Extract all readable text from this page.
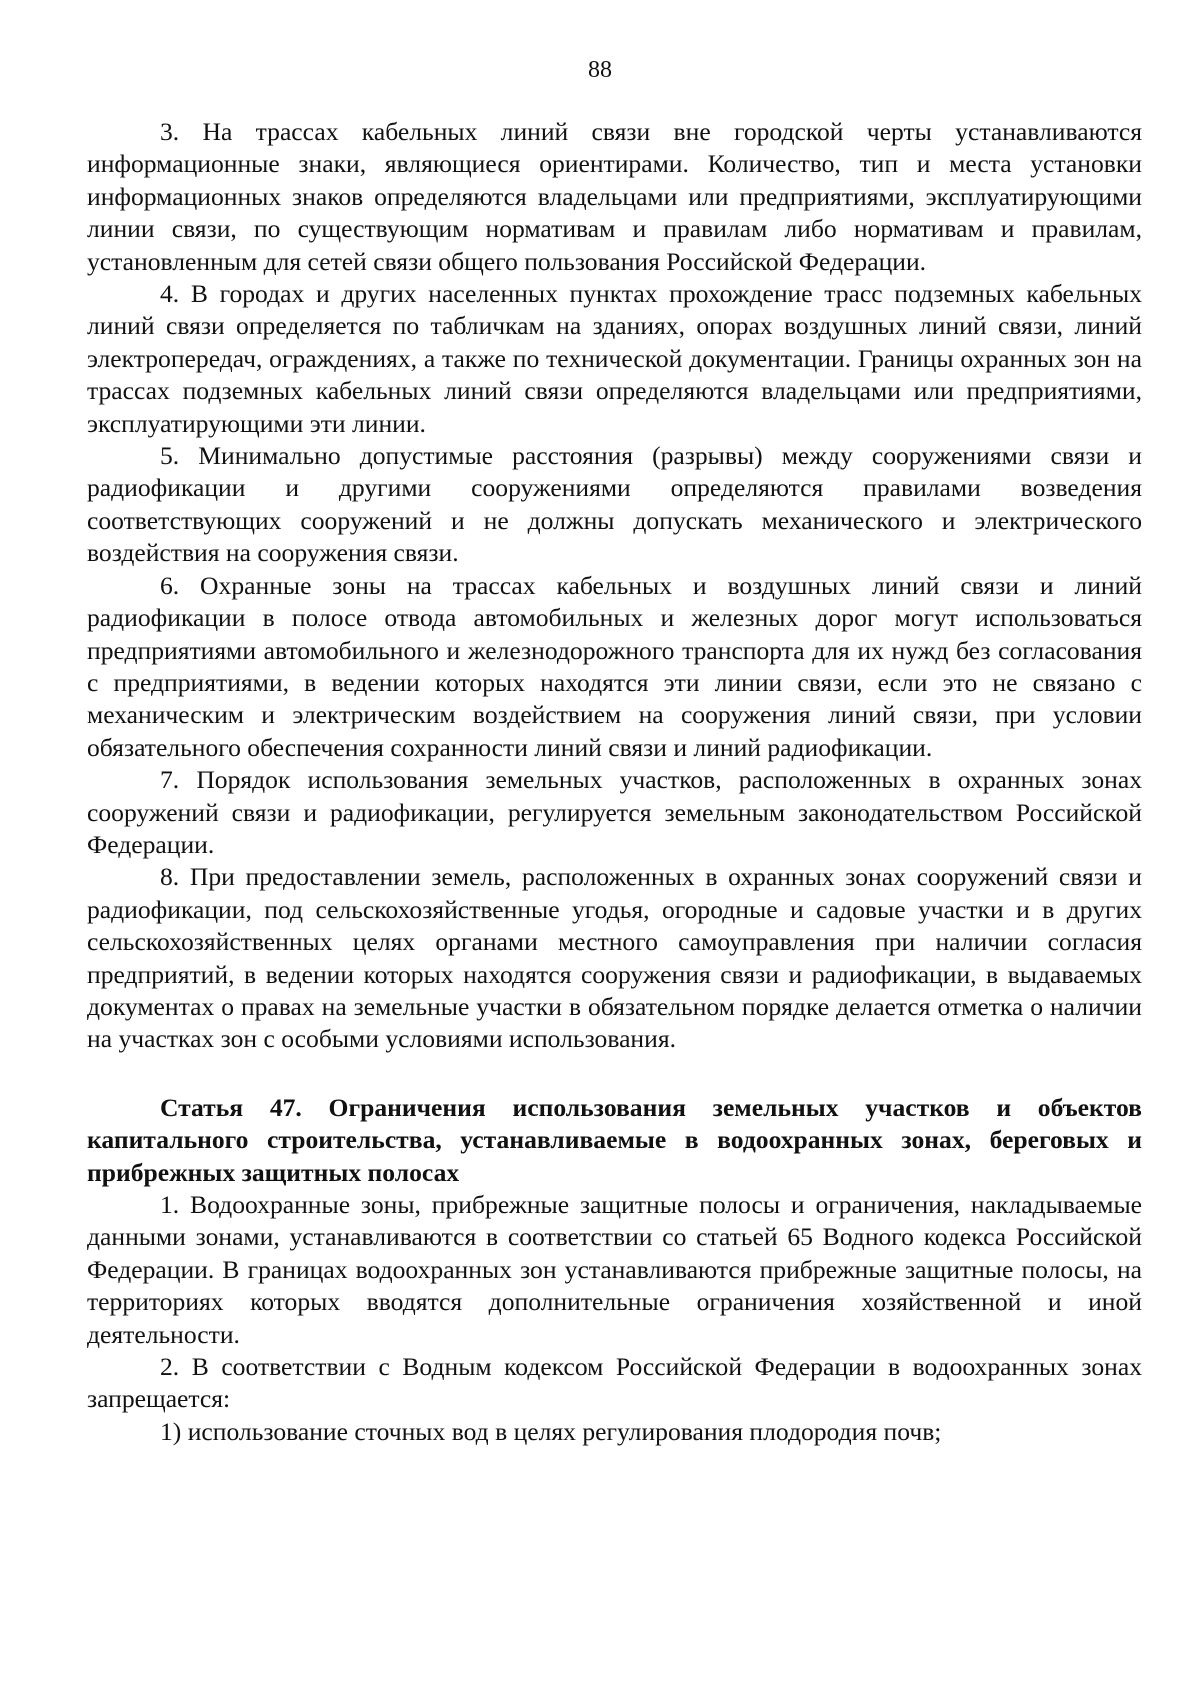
88

3. На трассах кабельных линий связи вне городской черты устанавливаются информационные знаки, являющиеся ориентирами. Количество, тип и места установки информационных знаков определяются владельцами или предприятиями, эксплуатирующими линии связи, по существующим нормативам и правилам либо нормативам и правилам, установленным для сетей связи общего пользования Российской Федерации.

4. В городах и других населенных пунктах прохождение трасс подземных кабельных линий связи определяется по табличкам на зданиях, опорах воздушных линий связи, линий электропередач, ограждениях, а также по технической документации. Границы охранных зон на трассах подземных кабельных линий связи определяются владельцами или предприятиями, эксплуатирующими эти линии.

5. Минимально допустимые расстояния (разрывы) между сооружениями связи и радиофикации и другими сооружениями определяются правилами возведения соответствующих сооружений и не должны допускать механического и электрического воздействия на сооружения связи.

6. Охранные зоны на трассах кабельных и воздушных линий связи и линий радиофикации в полосе отвода автомобильных и железных дорог могут использоваться предприятиями автомобильного и железнодорожного транспорта для их нужд без согласования с предприятиями, в ведении которых находятся эти линии связи, если это не связано с механическим и электрическим воздействием на сооружения линий связи, при условии обязательного обеспечения сохранности линий связи и линий радиофикации.

7. Порядок использования земельных участков, расположенных в охранных зонах сооружений связи и радиофикации, регулируется земельным законодательством Российской Федерации.

8. При предоставлении земель, расположенных в охранных зонах сооружений связи и радиофикации, под сельскохозяйственные угодья, огородные и садовые участки и в других сельскохозяйственных целях органами местного самоуправления при наличии согласия предприятий, в ведении которых находятся сооружения связи и радиофикации, в выдаваемых документах о правах на земельные участки в обязательном порядке делается отметка о наличии на участках зон с особыми условиями использования.

Статья 47. Ограничения использования земельных участков и объектов капитального строительства, устанавливаемые в водоохранных зонах, береговых и прибрежных защитных полосах

1. Водоохранные зоны, прибрежные защитные полосы и ограничения, накладываемые данными зонами, устанавливаются в соответствии со статьей 65 Водного кодекса Российской Федерации. В границах водоохранных зон устанавливаются прибрежные защитные полосы, на территориях которых вводятся дополнительные ограничения хозяйственной и иной деятельности.

2. В соответствии с Водным кодексом Российской Федерации в водоохранных зонах запрещается:

1) использование сточных вод в целях регулирования плодородия почв;
